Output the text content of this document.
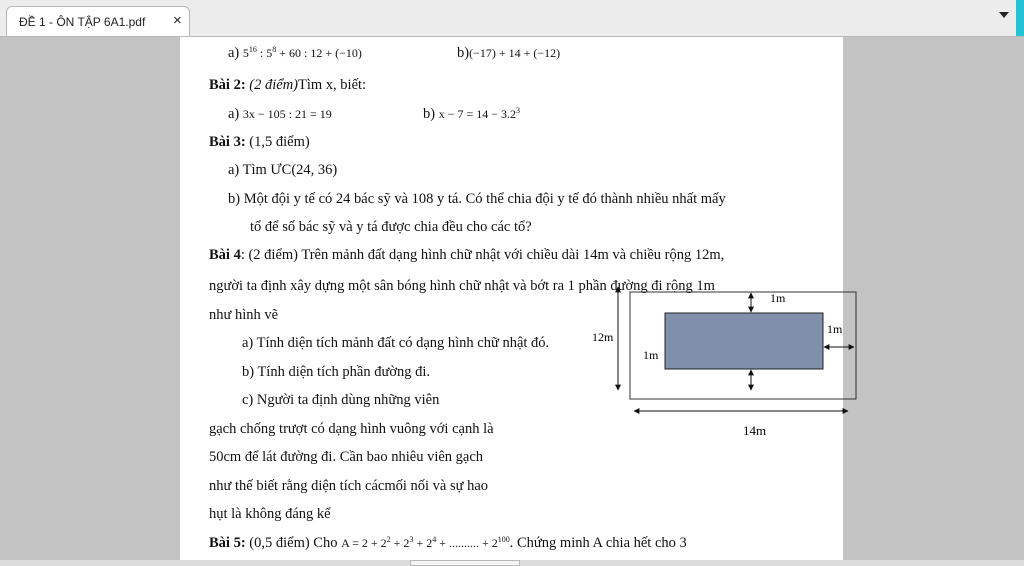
ĐỀ 1 - ÔN TẬP 6A1.pdf ×
a) $5^{16}$ : $5^8 + 60$ : 12 + (−10)	b)(−17) + 14 + (−12)
Bài 2: (2 điểm)Tìm x, biết:
a) 3x − 105 : 21 = 19	b) $x - 7 = 14 - 3.2^3$
Bài 3: (1,5 điểm)
a) Tìm ƯC(24, 36)
b) Một đội y tế có 24 bác sỹ và 108 y tá. Có thể chia đội y tế đó thành nhiều nhất mấy
tổ để số bác sỹ và y tá được chia đều cho các tổ?
Bài 4: (2 điểm) Trên mảnh đất dạng hình chữ nhật với chiều dài 14m và chiều rộng 12m,
người ta định xây dựng một sân bóng hình chữ nhật và bớt ra 1 phần đường đi rộng 1m
như hình vẽ
a) Tính diện tích mảnh đất có dạng hình chữ nhật đó.
b) Tính diện tích phần đường đi.
c) Người ta định dùng những viên
gạch chống trượt có dạng hình vuông với cạnh là
50cm để lát đường đi. Cần bao nhiêu viên gạch
như thế biết rằng diện tích cácmối nối và sự hao
hụt là không đáng kể
Bài 5: (0,5 điểm) Cho $A = 2 + 2^2 + 2^3 + 2^4$ + .......... + $2^{100}$. Chứng minh A chia hết cho 3
1m
1m
1m
12m
14m
